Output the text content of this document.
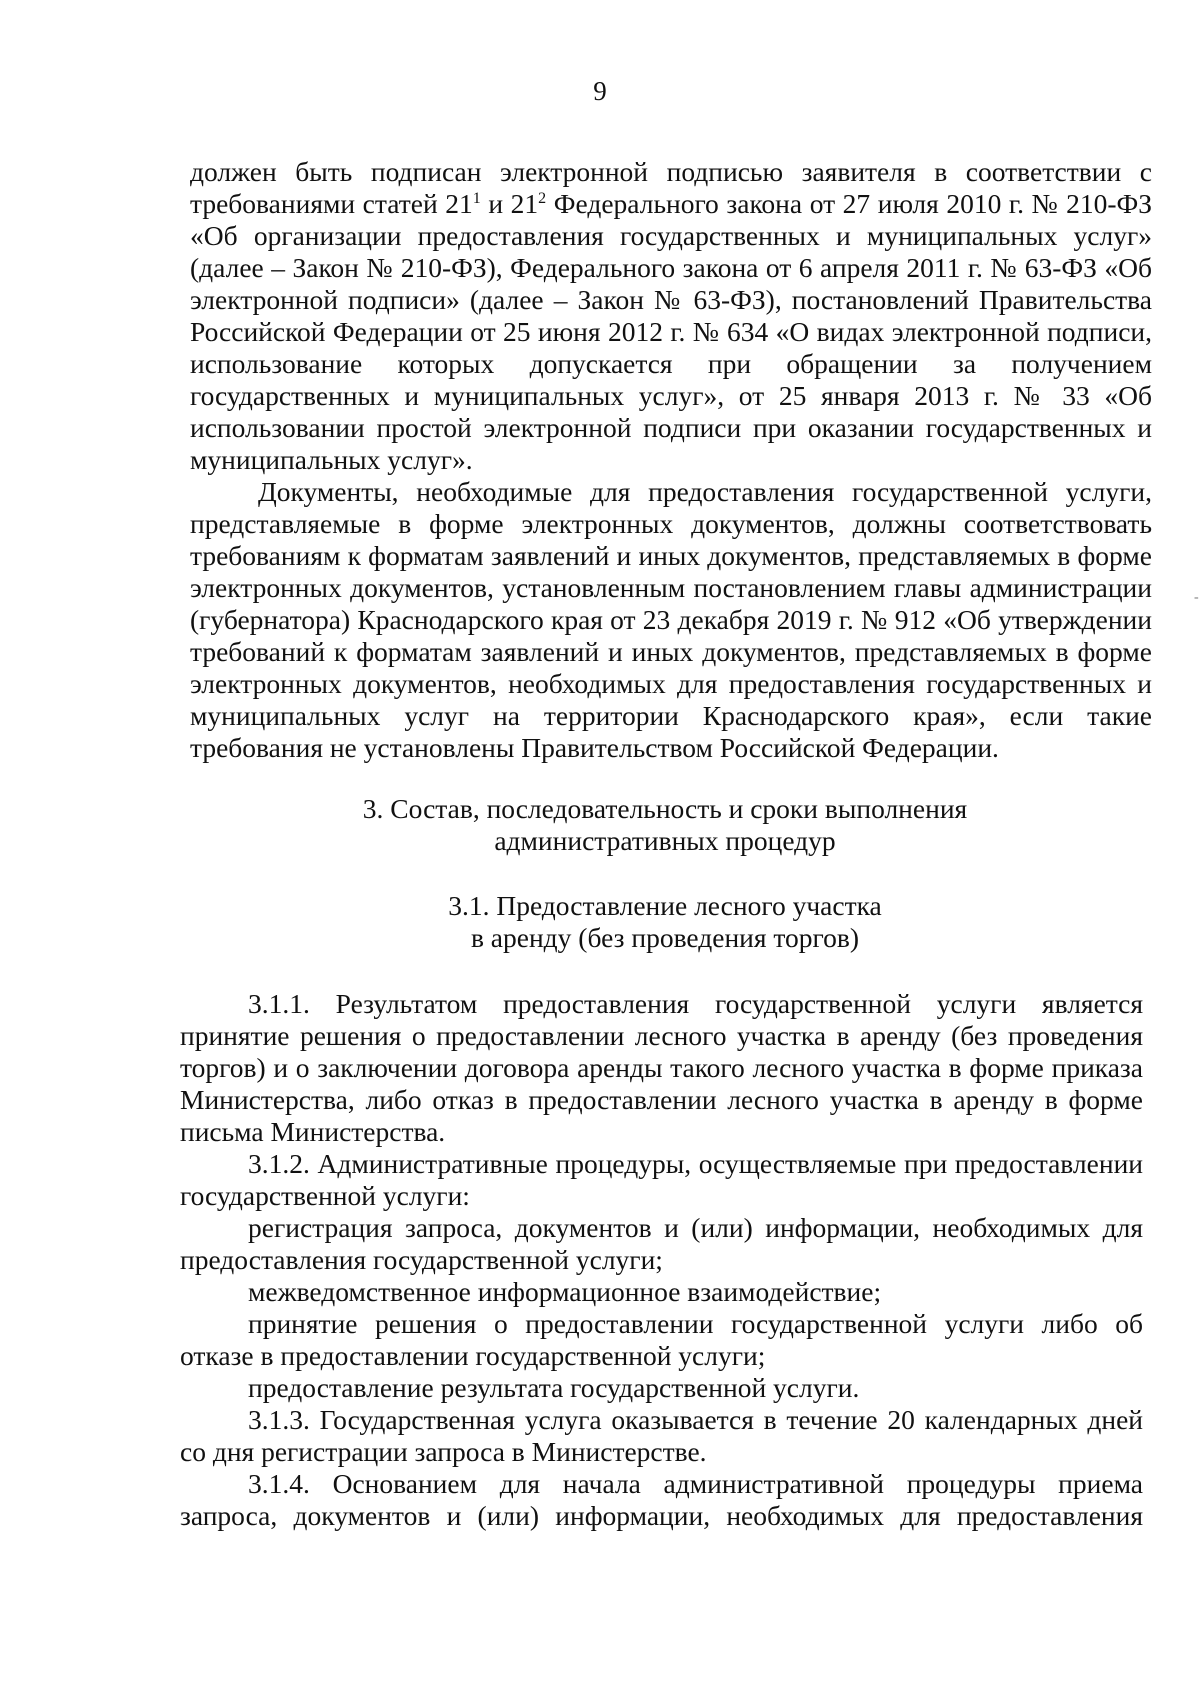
9

должен быть подписан электронной подписью заявителя в соответствии с требованиями статей $21^1$ и $21^2$ Федерального закона от 27 июля 2010 г. № 210-ФЗ «Об организации предоставления государственных и муниципальных услуг» (далее – Закон № 210-ФЗ), Федерального закона от 6 апреля 2011 г. № 63-ФЗ «Об электронной подписи» (далее – Закон № 63-ФЗ), постановлений Правительства Российской Федерации от 25 июня 2012 г. № 634 «О видах электронной подписи, использование которых допускается при обращении за получением государственных и муниципальных услуг», от 25 января 2013 г. № 33 «Об использовании простой электронной подписи при оказании государственных и муниципальных услуг».

Документы, необходимые для предоставления государственной услуги, представляемые в форме электронных документов, должны соответствовать требованиям к форматам заявлений и иных документов, представляемых в форме электронных документов, установленным постановлением главы администрации (губернатора) Краснодарского края от 23 декабря 2019 г. № 912 «Об утверждении требований к форматам заявлений и иных документов, представляемых в форме электронных документов, необходимых для предоставления государственных и муниципальных услуг на территории Краснодарского края», если такие требования не установлены Правительством Российской Федерации.

3. Состав, последовательность и сроки выполнения

административных процедур

3.1. Предоставление лесного участка

в аренду (без проведения торгов)

3.1.1. Результатом предоставления государственной услуги является принятие решения о предоставлении лесного участка в аренду (без проведения торгов) и о заключении договора аренды такого лесного участка в форме приказа Министерства, либо отказ в предоставлении лесного участка в аренду в форме письма Министерства.

3.1.2. Административные процедуры, осуществляемые при предоставлении государственной услуги:

регистрация запроса, документов и (или) информации, необходимых для предоставления государственной услуги;

межведомственное информационное взаимодействие;

принятие решения о предоставлении государственной услуги либо об отказе в предоставлении государственной услуги;

предоставление результата государственной услуги.

3.1.3. Государственная услуга оказывается в течение 20 календарных дней со дня регистрации запроса в Министерстве.

3.1.4. Основанием для начала административной процедуры приема запроса, документов и (или) информации, необходимых для предоставления

-
